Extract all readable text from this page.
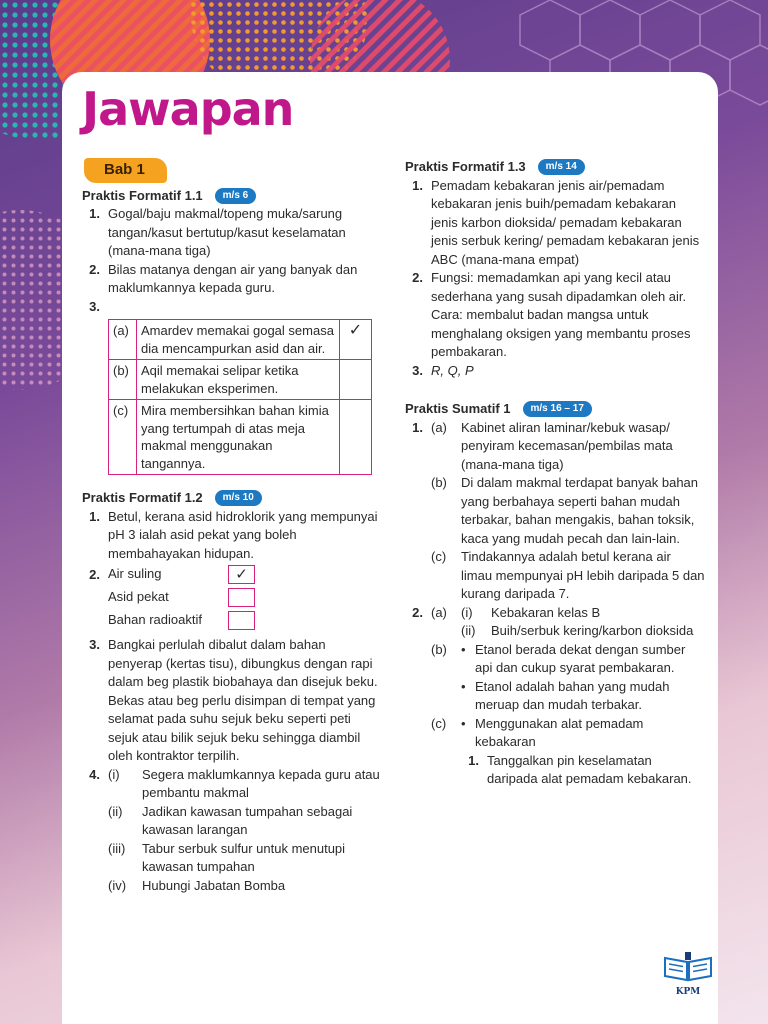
Jawapan
Bab 1
Praktis Formatif 1.1	m/s 6
1. Gogal/baju makmal/topeng muka/sarung tangan/kasut bertutup/kasut keselamatan (mana-mana tiga)
2. Bilas matanya dengan air yang banyak dan maklumkannya kepada guru.
3.
(a)	Amardev memakai gogal semasa dia mencampurkan asid dan air.	✓
(b)	Aqil memakai selipar ketika melakukan eksperimen.	
(c)	Mira membersihkan bahan kimia yang tertumpah di atas meja makmal menggunakan tangannya.	
Praktis Formatif 1.2	m/s 10
1. Betul, kerana asid hidroklorik yang mempunyai pH 3 ialah asid pekat yang boleh membahayakan hidupan.
2. Air suling	✓
Asid pekat
Bahan radioaktif
3. Bangkai perlulah dibalut dalam bahan penyerap (kertas tisu), dibungkus dengan rapi dalam beg plastik biobahaya dan disejuk beku. Bekas atau beg perlu disimpan di tempat yang selamat pada suhu sejuk beku seperti peti sejuk atau bilik sejuk beku sehingga diambil oleh kontraktor terpilih.
4. (i)	Segera maklumkannya kepada guru atau pembantu makmal
(ii)	Jadikan kawasan tumpahan sebagai kawasan larangan
(iii)	Tabur serbuk sulfur untuk menutupi kawasan tumpahan
(iv)	Hubungi Jabatan Bomba
Praktis Formatif 1.3	m/s 14
1. Pemadam kebakaran jenis air/pemadam kebakaran jenis buih/pemadam kebakaran jenis karbon dioksida/ pemadam kebakaran jenis serbuk kering/ pemadam kebakaran jenis ABC (mana-mana empat)
2. Fungsi: memadamkan api yang kecil atau sederhana yang susah dipadamkan oleh air.
Cara: membalut badan mangsa untuk menghalang oksigen yang membantu proses pembakaran.
3. R, Q, P
Praktis Sumatif 1	m/s 16 – 17
1. (a)	Kabinet aliran laminar/kebuk wasap/ penyiram kecemasan/pembilas mata (mana-mana tiga)
(b)	Di dalam makmal terdapat banyak bahan yang berbahaya seperti bahan mudah terbakar, bahan mengakis, bahan toksik, kaca yang mudah pecah dan lain-lain.
(c)	Tindakannya adalah betul kerana air limau mempunyai pH lebih daripada 5 dan kurang daripada 7.
2. (a)	(i)	Kebakaran kelas B
(ii)	Buih/serbuk kering/karbon dioksida
(b)	• Etanol berada dekat dengan sumber api dan cukup syarat pembakaran.
• Etanol adalah bahan yang mudah meruap dan mudah terbakar.
(c)	• Menggunakan alat pemadam kebakaran
1. Tanggalkan pin keselamatan daripada alat pemadam kebakaran.
KPM
